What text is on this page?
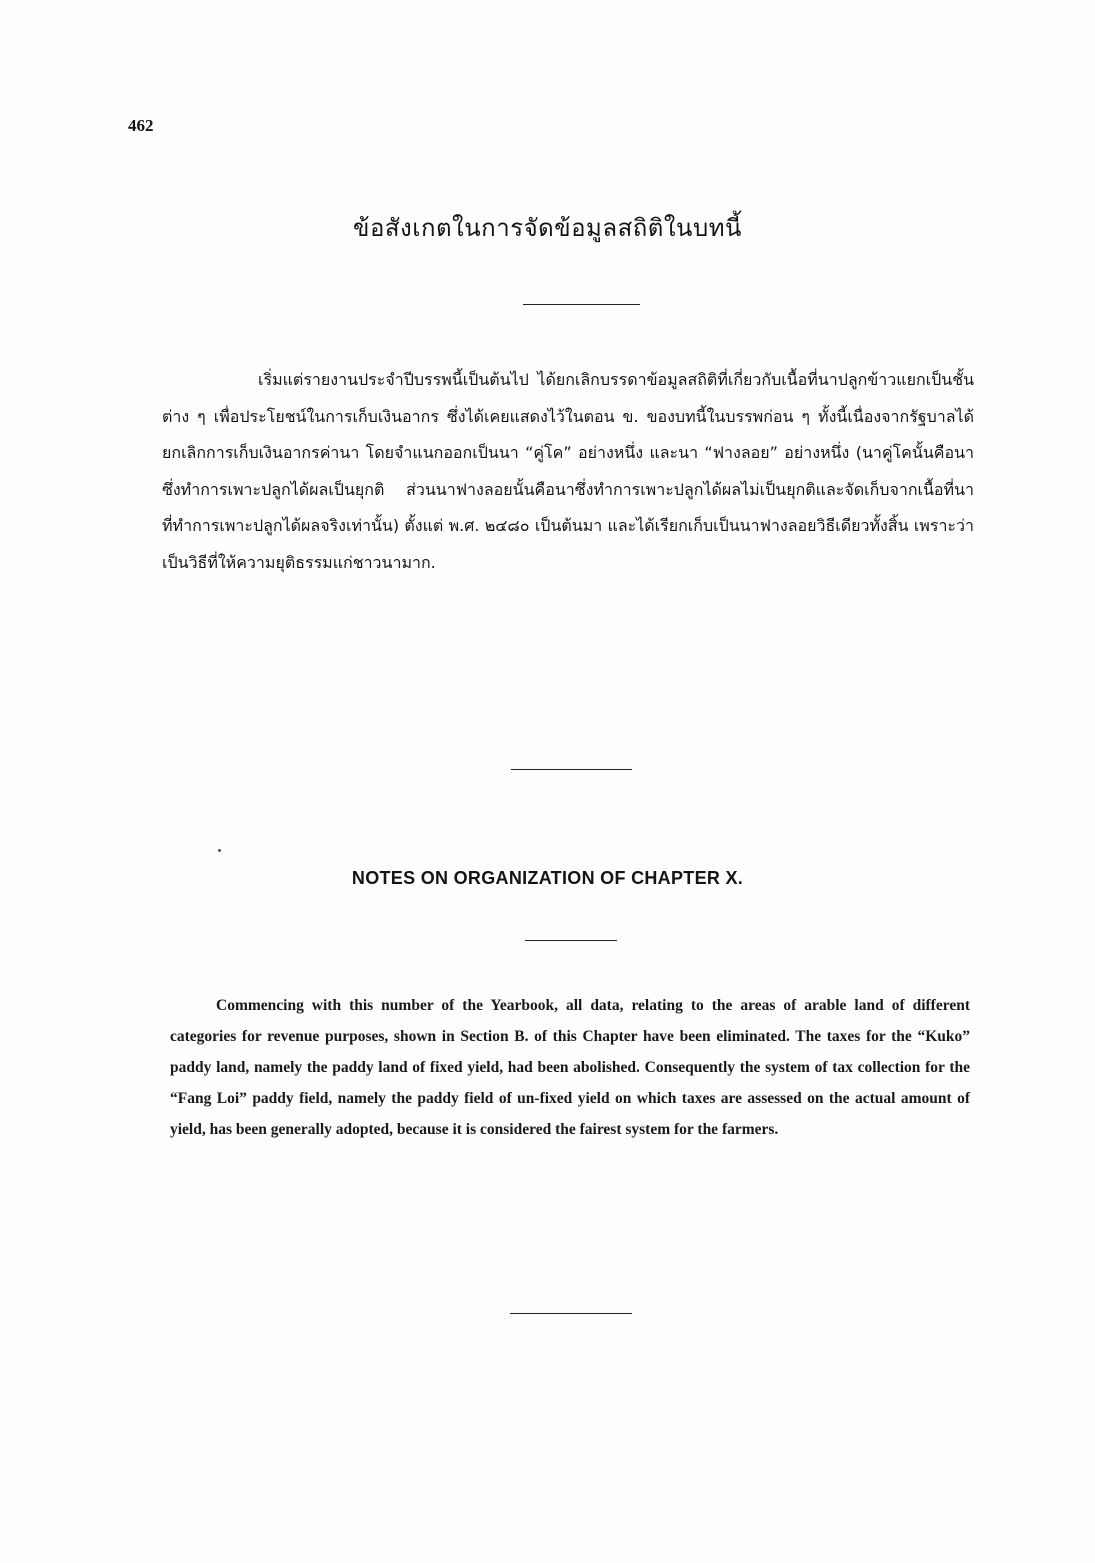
462
ข้อสังเกตในการจัดข้อมูลสถิติในบทนี้
เริ่มแต่รายงานประจำปีบรรพนี้เป็นต้นไป ได้ยกเลิกบรรดาข้อมูลสถิติที่เกี่ยวกับเนื้อที่นาปลูกข้าวแยกเป็นชั้นต่าง ๆ เพื่อประโยชน์ในการเก็บเงินอากร ซึ่งได้เคยแสดงไว้ในตอน ข. ของบทนี้ในบรรพก่อน ๆ ทั้งนี้เนื่องจากรัฐบาลได้ยกเลิกการเก็บเงินอากรค่านา โดยจำแนกออกเป็นนา “คู่โค” อย่างหนึ่ง และนา “ฟางลอย” อย่างหนึ่ง (นาคู่โคนั้นคือนาซึ่งทำการเพาะปลูกได้ผลเป็นยุกติ ส่วนนาฟางลอยนั้นคือนาซึ่งทำการเพาะปลูกได้ผลไม่เป็นยุกติและจัดเก็บจากเนื้อที่นาที่ทำการเพาะปลูกได้ผลจริงเท่านั้น) ตั้งแต่ พ.ศ. ๒๔๘๐ เป็นต้นมา และได้เรียกเก็บเป็นนาฟางลอยวิธีเดียวทั้งสิ้น เพราะว่าเป็นวิธีที่ให้ความยุติธรรมแก่ชาวนามาก.
NOTES ON ORGANIZATION OF CHAPTER X.
Commencing with this number of the Yearbook, all data, relating to the areas of arable land of different categories for revenue purposes, shown in Section B. of this Chapter have been eliminated. The taxes for the “Kuko” paddy land, namely the paddy land of fixed yield, had been abolished. Consequently the system of tax collection for the “Fang Loi” paddy field, namely the paddy field of un-fixed yield on which taxes are assessed on the actual amount of yield, has been generally adopted, because it is considered the fairest system for the farmers.
